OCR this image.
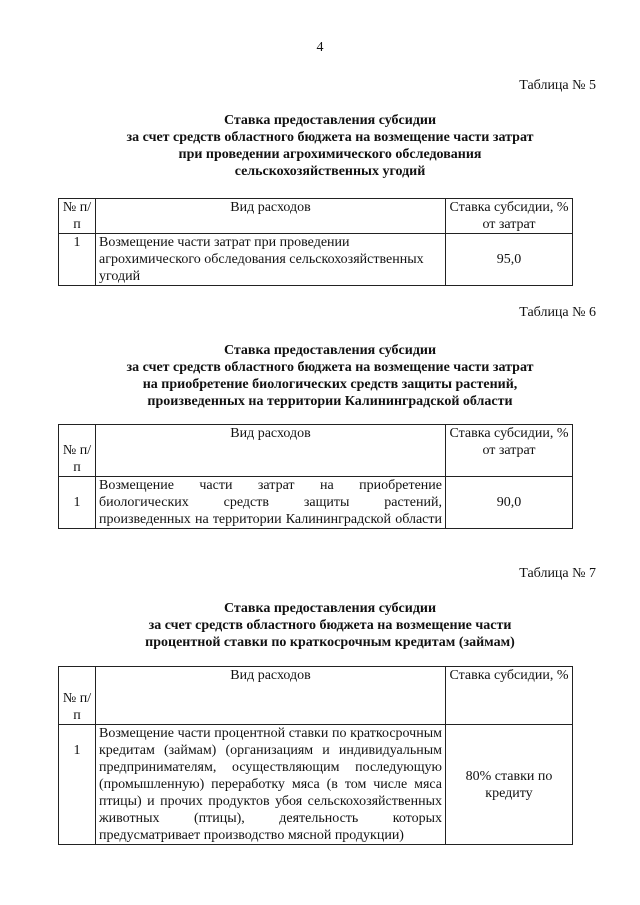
4
Таблица № 5
Ставка предоставления субсидии
за счет средств областного бюджета на возмещение части затрат
при проведении агрохимического обследования
сельскохозяйственных угодий
№ п/п	Вид расходов	Ставка субсидии, % от затрат
1	Возмещение части затрат при проведении агрохимического обследования сельскохозяйственных угодий	95,0
Таблица № 6
Ставка предоставления субсидии
за счет средств областного бюджета на возмещение части затрат
на приобретение биологических средств защиты растений,
произведенных на территории Калининградской области
№ п/п	Вид расходов	Ставка субсидии, % от затрат
1	Возмещение части затрат на приобретение биологических средств защиты растений, произведенных на территории Калининградской области	90,0
Таблица № 7
Ставка предоставления субсидии
за счет средств областного бюджета на возмещение части
процентной ставки по краткосрочным кредитам (займам)
№ п/п	Вид расходов	Ставка субсидии, %
1	Возмещение части процентной ставки по краткосрочным кредитам (займам) (организациям и индивидуальным предпринимателям, осуществляющим последующую (промышленную) переработку мяса (в том числе мяса птицы) и прочих продуктов убоя сельскохозяйственных животных (птицы), деятельность которых предусматривает производство мясной продукции)	80% ставки по кредиту
